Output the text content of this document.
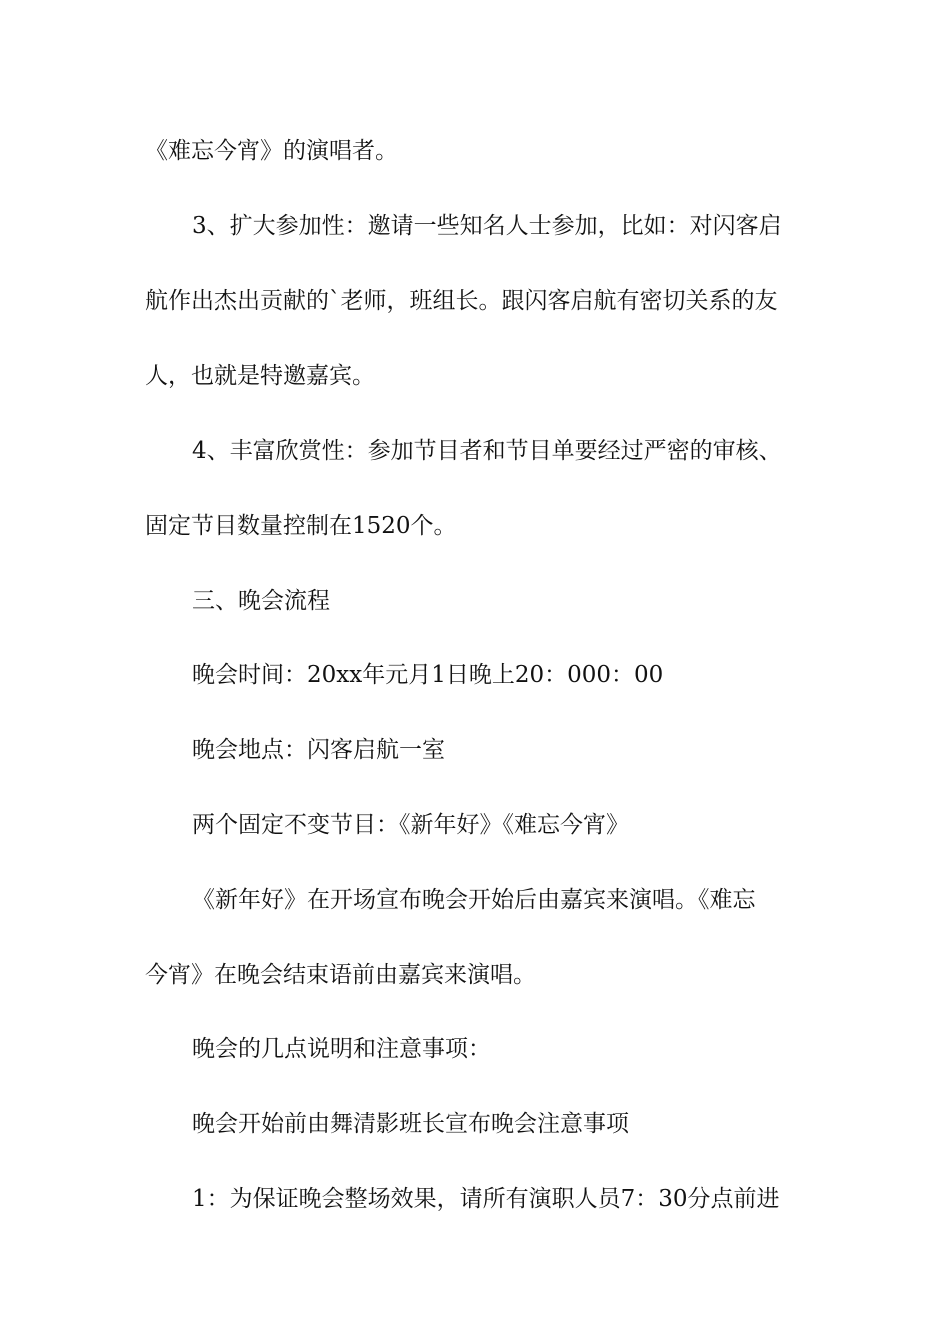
《难忘今宵》的演唱者。
3、扩大参加性：邀请一些知名人士参加，比如：对闪客启
航作出杰出贡献的`老师，班组长。跟闪客启航有密切关系的友
人，也就是特邀嘉宾。
4、丰富欣赏性：参加节目者和节目单要经过严密的审核、
固定节目数量控制在1520个。
三、晚会流程
晚会时间：20xx年元月1日晚上20：000：00
晚会地点：闪客启航一室
两个固定不变节目：《新年好》《难忘今宵》
《新年好》在开场宣布晚会开始后由嘉宾来演唱。《难忘
今宵》在晚会结束语前由嘉宾来演唱。
晚会的几点说明和注意事项：
晚会开始前由舞清影班长宣布晚会注意事项
1：为保证晚会整场效果，请所有演职人员7：30分点前进
